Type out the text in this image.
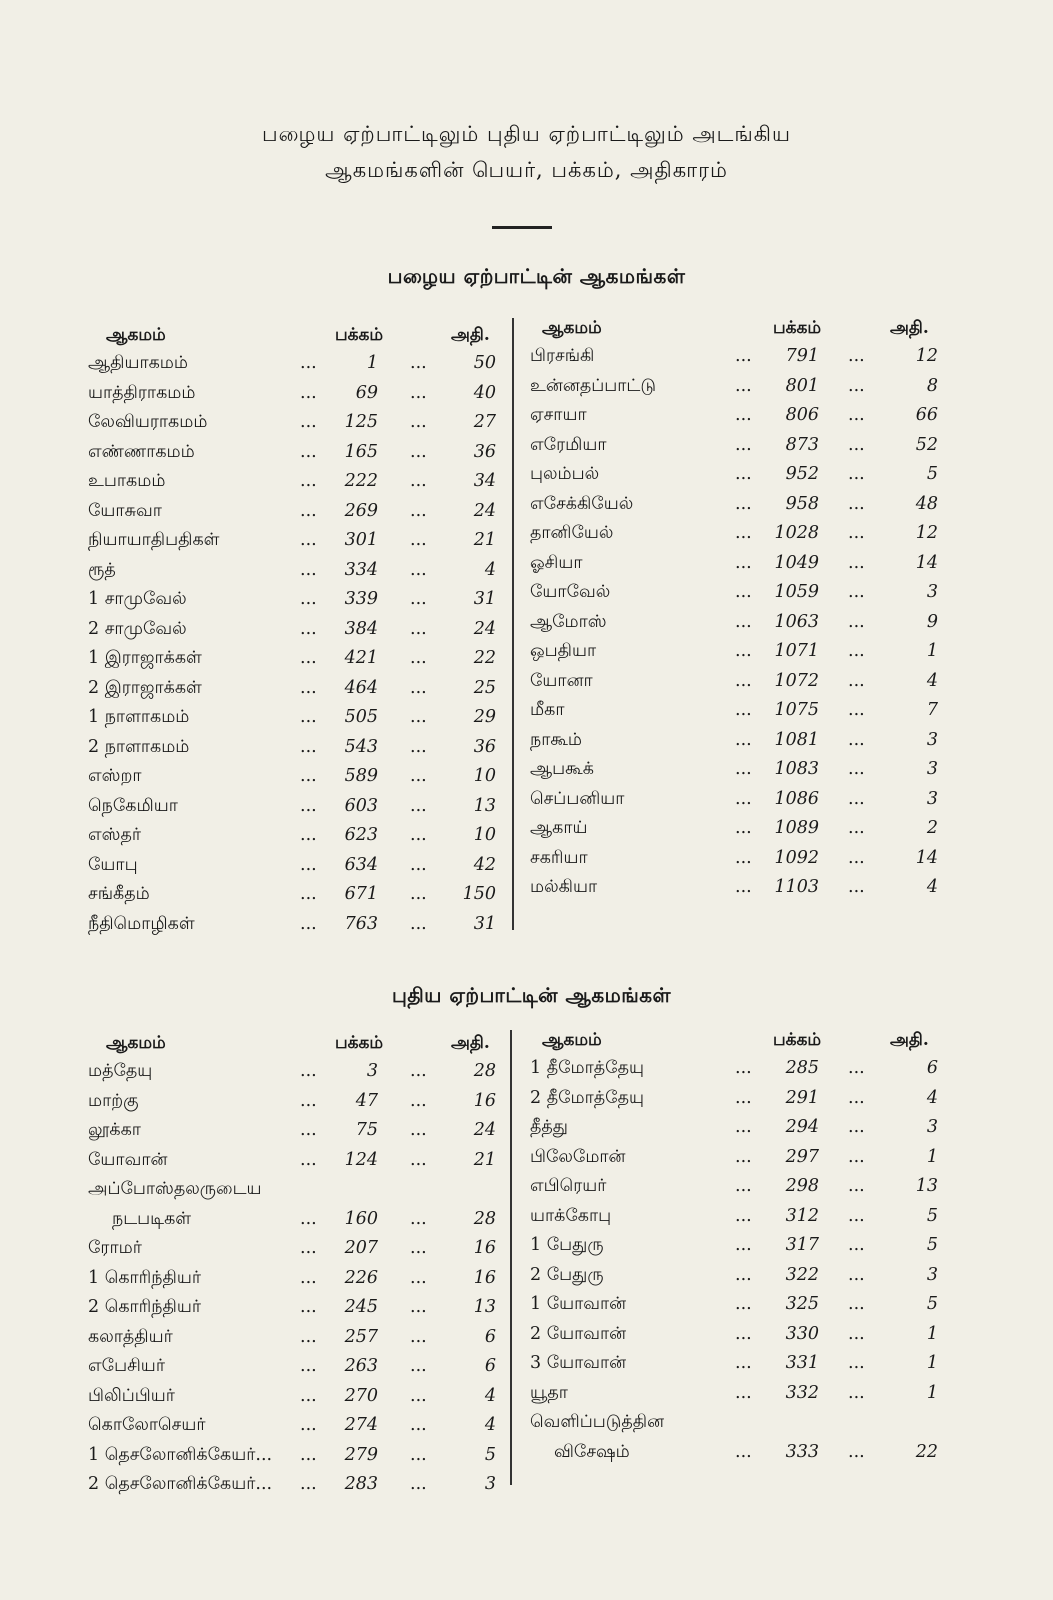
பழைய ஏற்பாட்டிலும் புதிய ஏற்பாட்டிலும் அடங்கிய
ஆகமங்களின் பெயர், பக்கம், அதிகாரம்
பழைய ஏற்பாட்டின் ஆகமங்கள்
ஆகமம்	பக்கம்	அதி.
ஆதியாகமம்	...	1 ...	50
யாத்திராகமம்	...	69 ...	40
லேவியராகமம்	...	125 ...	27
எண்ணாகமம்	...	165 ...	36
உபாகமம்	...	222 ...	34
யோசுவா	...	269 ...	24
நியாயாதிபதிகள்	...	301 ...	21
ரூத்	...	334 ...	4
1 சாமுவேல்	...	339 ...	31
2 சாமுவேல்	...	384 ...	24
1 இராஜாக்கள்	...	421 ...	22
2 இராஜாக்கள்	...	464 ...	25
1 நாளாகமம்	...	505 ...	29
2 நாளாகமம்	...	543 ...	36
எஸ்றா	...	589 ...	10
நெகேமியா	...	603 ...	13
எஸ்தர்	...	623 ...	10
யோபு	...	634 ...	42
சங்கீதம்	...	671 ...	150
நீதிமொழிகள்	...	763 ...	31
ஆகமம்	பக்கம்	அதி.
பிரசங்கி	...	791 ...	12
உன்னதப்பாட்டு	...	801 ...	8
ஏசாயா	...	806 ...	66
எரேமியா	...	873 ...	52
புலம்பல்	...	952 ...	5
எசேக்கியேல்	...	958 ...	48
தானியேல்	...	1028 ...	12
ஓசியா	...	1049 ...	14
யோவேல்	...	1059 ...	3
ஆமோஸ்	...	1063 ...	9
ஒபதியா	...	1071 ...	1
யோனா	...	1072 ...	4
மீகா	...	1075 ...	7
நாகூம்	...	1081 ...	3
ஆபகூக்	...	1083 ...	3
செப்பனியா	...	1086 ...	3
ஆகாய்	...	1089 ...	2
சகரியா	...	1092 ...	14
மல்கியா	...	1103 ...	4
புதிய ஏற்பாட்டின் ஆகமங்கள்
ஆகமம்	பக்கம்	அதி.
மத்தேயு	...	3 ...	28
மாற்கு	...	47 ...	16
லூக்கா	...	75 ...	24
யோவான்	...	124 ...	21
அப்போஸ்தலருடைய
நடபடிகள்	...	160 ...	28
ரோமர்	...	207 ...	16
1 கொரிந்தியர்	...	226 ...	16
2 கொரிந்தியர்	...	245 ...	13
கலாத்தியர்	...	257 ...	6
எபேசியர்	...	263 ...	6
பிலிப்பியர்	...	270 ...	4
கொலோசெயர்	...	274 ...	4
1 தெசலோனிக்கேயர்... ...	279 ...	5
2 தெசலோனிக்கேயர்... ...	283 ...	3
ஆகமம்	பக்கம்	அதி.
1 தீமோத்தேயு	...	285 ...	6
2 தீமோத்தேயு	...	291 ...	4
தீத்து	...	294 ...	3
பிலேமோன்	...	297 ...	1
எபிரெயர்	...	298 ...	13
யாக்கோபு	...	312 ...	5
1 பேதுரு	...	317 ...	5
2 பேதுரு	...	322 ...	3
1 யோவான்	...	325 ...	5
2 யோவான்	...	330 ...	1
3 யோவான்	...	331 ...	1
யூதா	...	332 ...	1
வெளிப்படுத்தின
விசேஷம்	...	333 ...	22
